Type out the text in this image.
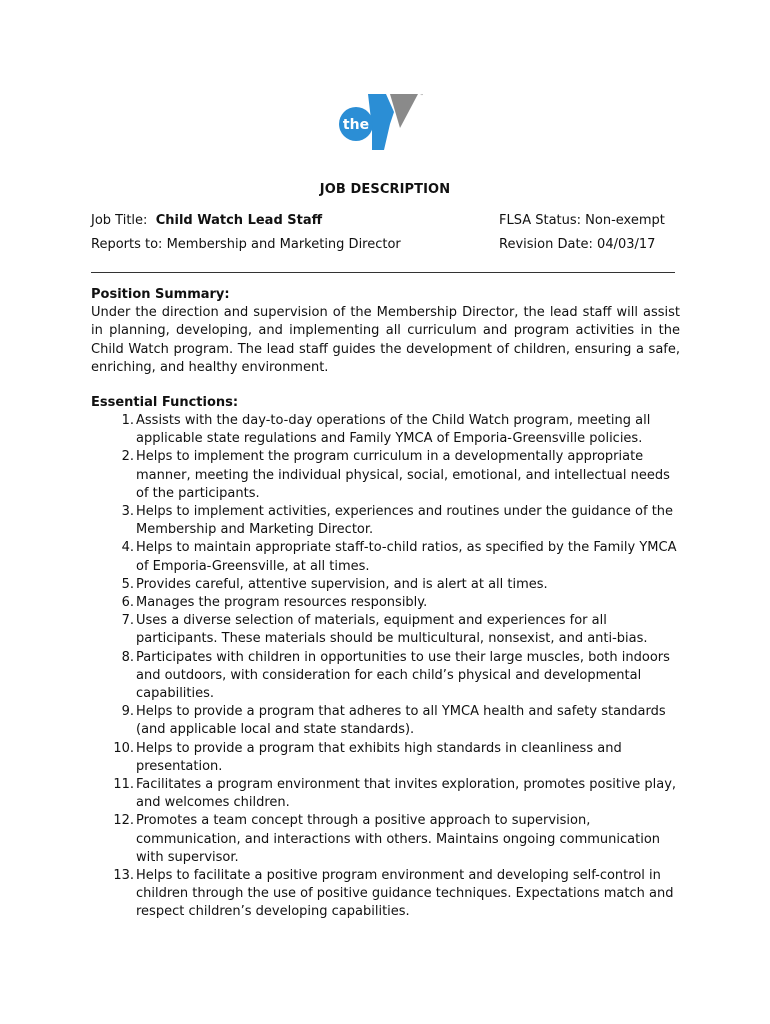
the
YMCA
™
JOB DESCRIPTION
Job Title: Child Watch Lead Staff	FLSA Status: Non-exempt
Reports to: Membership and Marketing Director	Revision Date: 04/03/17
Position Summary:

Under the direction and supervision of the Membership Director, the lead staff will assist in planning, developing, and implementing all curriculum and program activities in the Child Watch program. The lead staff guides the development of children, ensuring a safe, enriching, and healthy environment.

Essential Functions:
1. Assists with the day-to-day operations of the Child Watch program, meeting all applicable state regulations and Family YMCA of Emporia-Greensville policies.
2. Helps to implement the program curriculum in a developmentally appropriate manner, meeting the individual physical, social, emotional, and intellectual needs of the participants.
3. Helps to implement activities, experiences and routines under the guidance of the Membership and Marketing Director.
4. Helps to maintain appropriate staff-to-child ratios, as specified by the Family YMCA of Emporia-Greensville, at all times.
5. Provides careful, attentive supervision, and is alert at all times.
6. Manages the program resources responsibly.
7. Uses a diverse selection of materials, equipment and experiences for all participants. These materials should be multicultural, nonsexist, and anti-bias.
8. Participates with children in opportunities to use their large muscles, both indoors and outdoors, with consideration for each child’s physical and developmental capabilities.
9. Helps to provide a program that adheres to all YMCA health and safety standards (and applicable local and state standards).
10. Helps to provide a program that exhibits high standards in cleanliness and presentation.
11. Facilitates a program environment that invites exploration, promotes positive play, and welcomes children.
12. Promotes a team concept through a positive approach to supervision, communication, and interactions with others. Maintains ongoing communication with supervisor.
13. Helps to facilitate a positive program environment and developing self-control in children through the use of positive guidance techniques. Expectations match and respect children’s developing capabilities.
